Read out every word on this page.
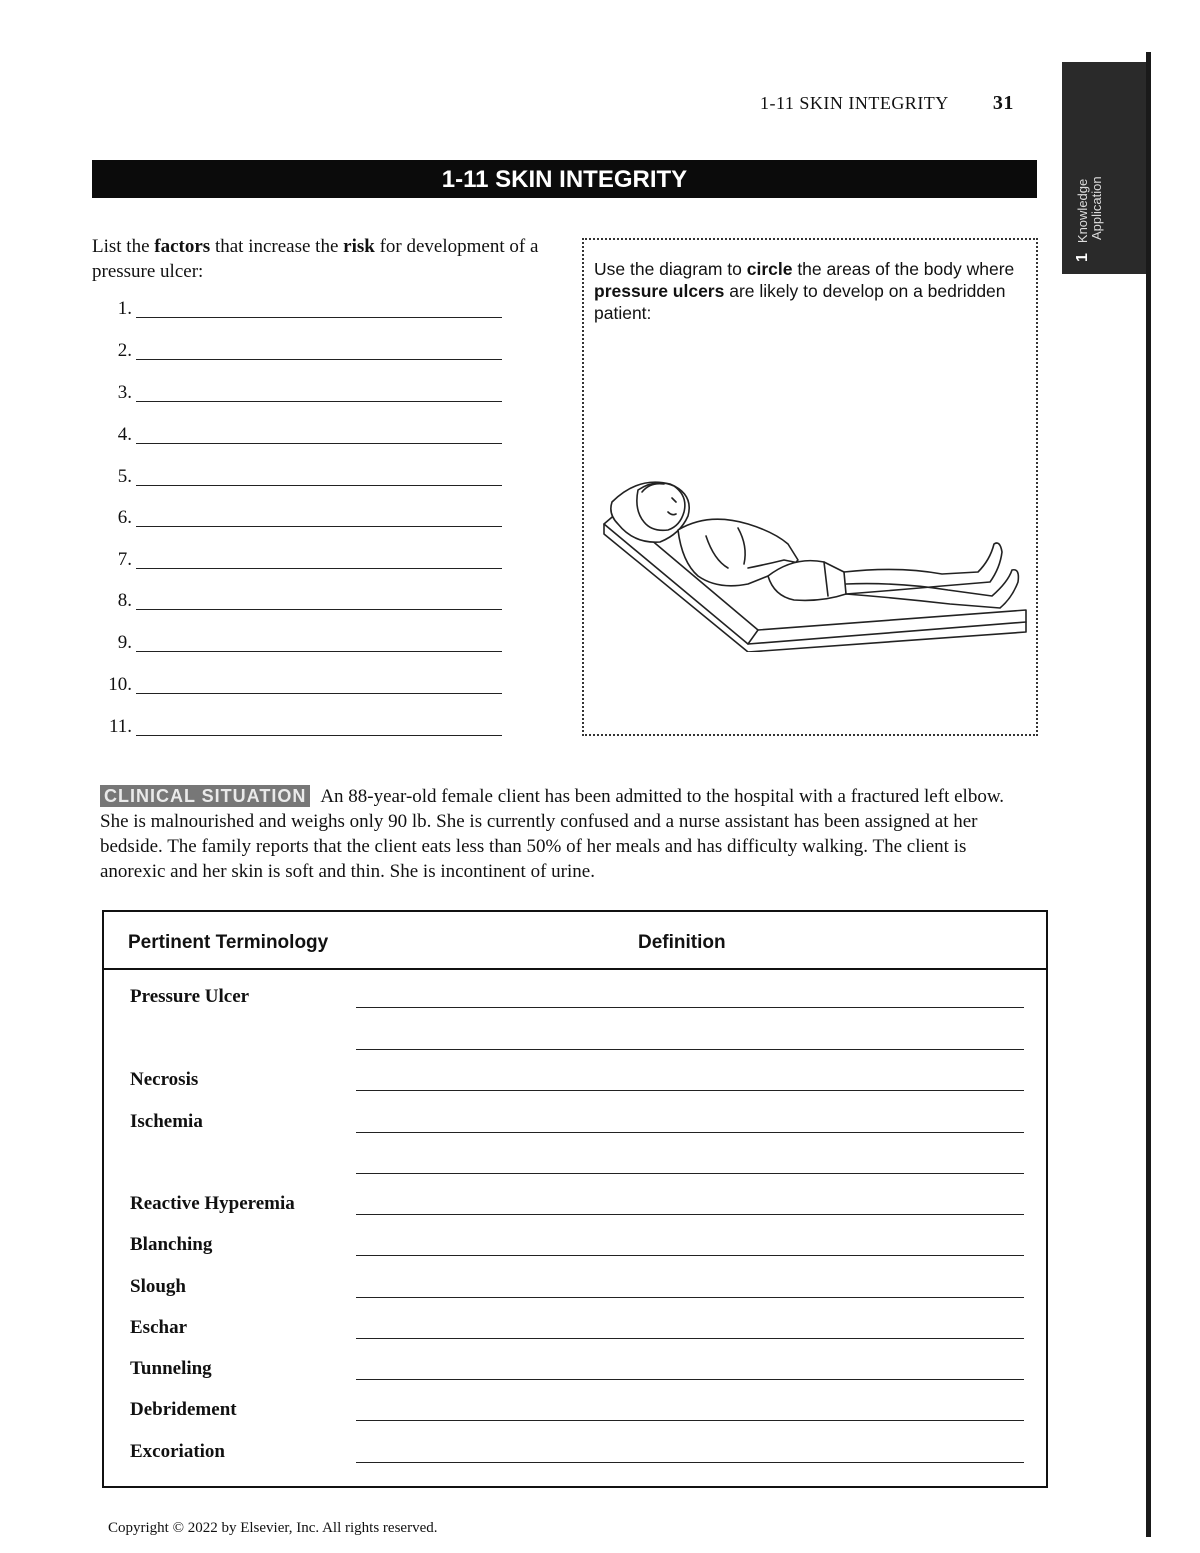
1-11 SKIN INTEGRITY 31
1Knowledge
Application
1-11 SKIN INTEGRITY
List the factors that increase the risk for development of a pressure ulcer:
1.
2.
3.
4.
5.
6.
7.
8.
9.
10.
11.
Use the diagram to circle the areas of the body where pressure ulcers are likely to develop on a bedridden patient:
CLINICAL SITUATION An 88-year-old female client has been admitted to the hospital with a fractured left elbow. She is malnourished and weighs only 90 lb. She is currently confused and a nurse assistant has been assigned at her bedside. The family reports that the client eats less than 50% of her meals and has difficulty walking. The client is anorexic and her skin is soft and thin. She is incontinent of urine.
Pertinent Terminology	Definition
Pressure Ulcer
Necrosis
Ischemia
Reactive Hyperemia
Blanching
Slough
Eschar
Tunneling
Debridement
Excoriation
Copyright © 2022 by Elsevier, Inc. All rights reserved.
